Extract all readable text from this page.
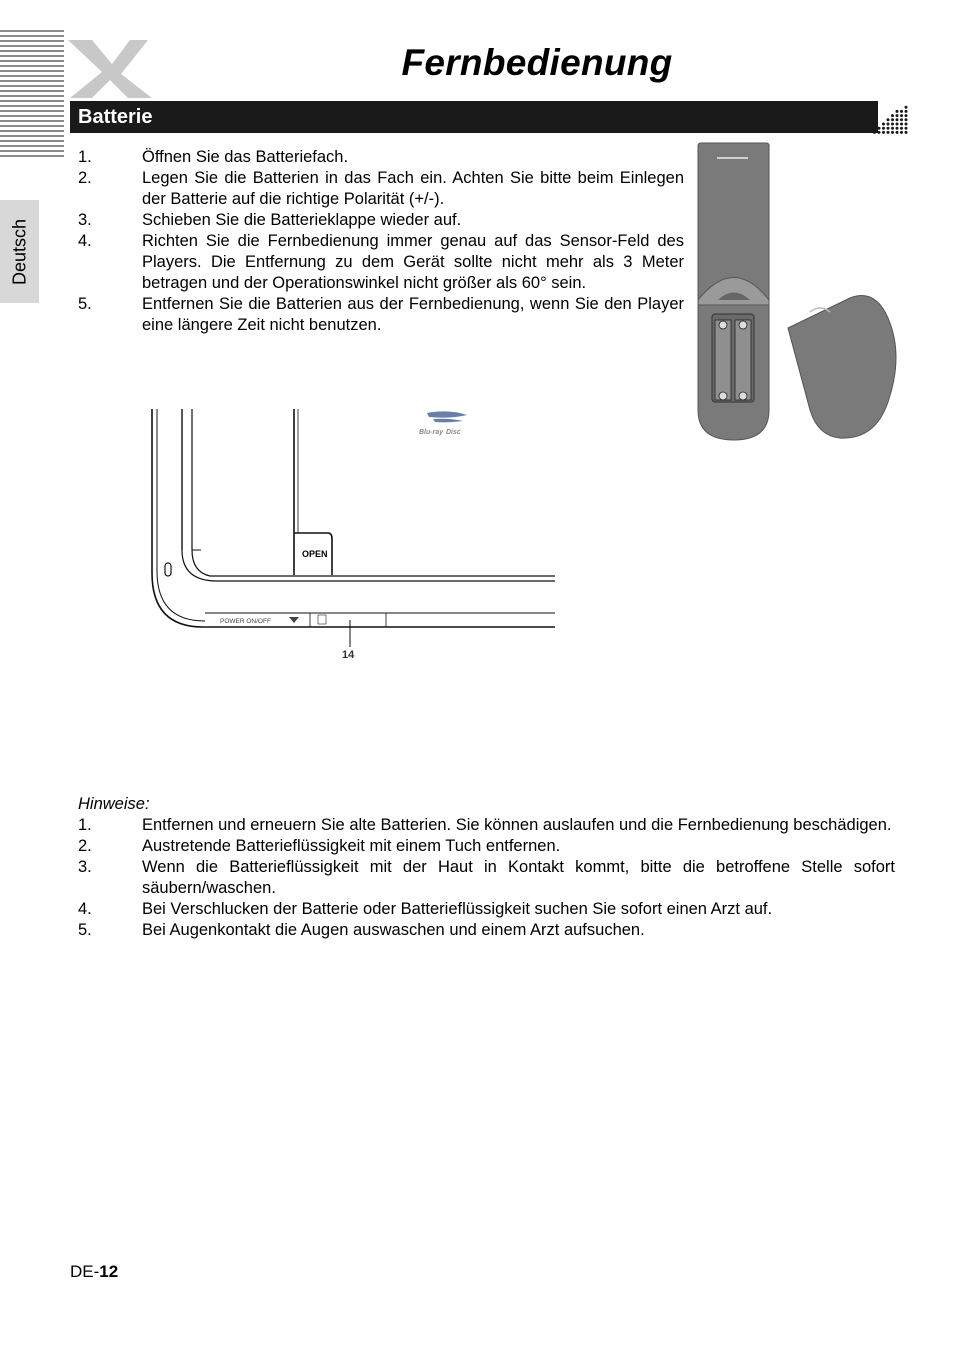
Fernbedienung
Batterie
Deutsch
1.	Öffnen Sie das Batteriefach.
2.	Legen Sie die Batterien in das Fach ein. Achten Sie bitte beim Einlegen der Batterie auf die richtige Polarität (+/-).
3.	Schieben Sie die Batterieklappe wieder auf.
4.	Richten Sie die Fernbedienung immer genau auf das Sensor-Feld des Players. Die Entfernung zu dem Gerät sollte nicht mehr als 3 Meter betragen und der Operationswinkel nicht größer als 60° sein.
5.	Entfernen Sie die Batterien aus der Fernbedienung, wenn Sie den Player eine längere Zeit nicht benutzen.
OPEN
POWER ON/OFF
14
Blu-ray Disc
Hinweise:
1.	Entfernen und erneuern Sie alte Batterien. Sie können auslaufen und die Fernbedienung beschädigen.
2.	Austretende Batterieflüssigkeit mit einem Tuch entfernen.
3.	Wenn die Batterieflüssigkeit mit der Haut in Kontakt kommt, bitte die betroffene Stelle sofort säubern/waschen.
4.	Bei Verschlucken der Batterie oder Batterieflüssigkeit suchen Sie sofort einen Arzt auf.
5.	Bei Augenkontakt die Augen auswaschen und einem Arzt aufsuchen.
DE-12
